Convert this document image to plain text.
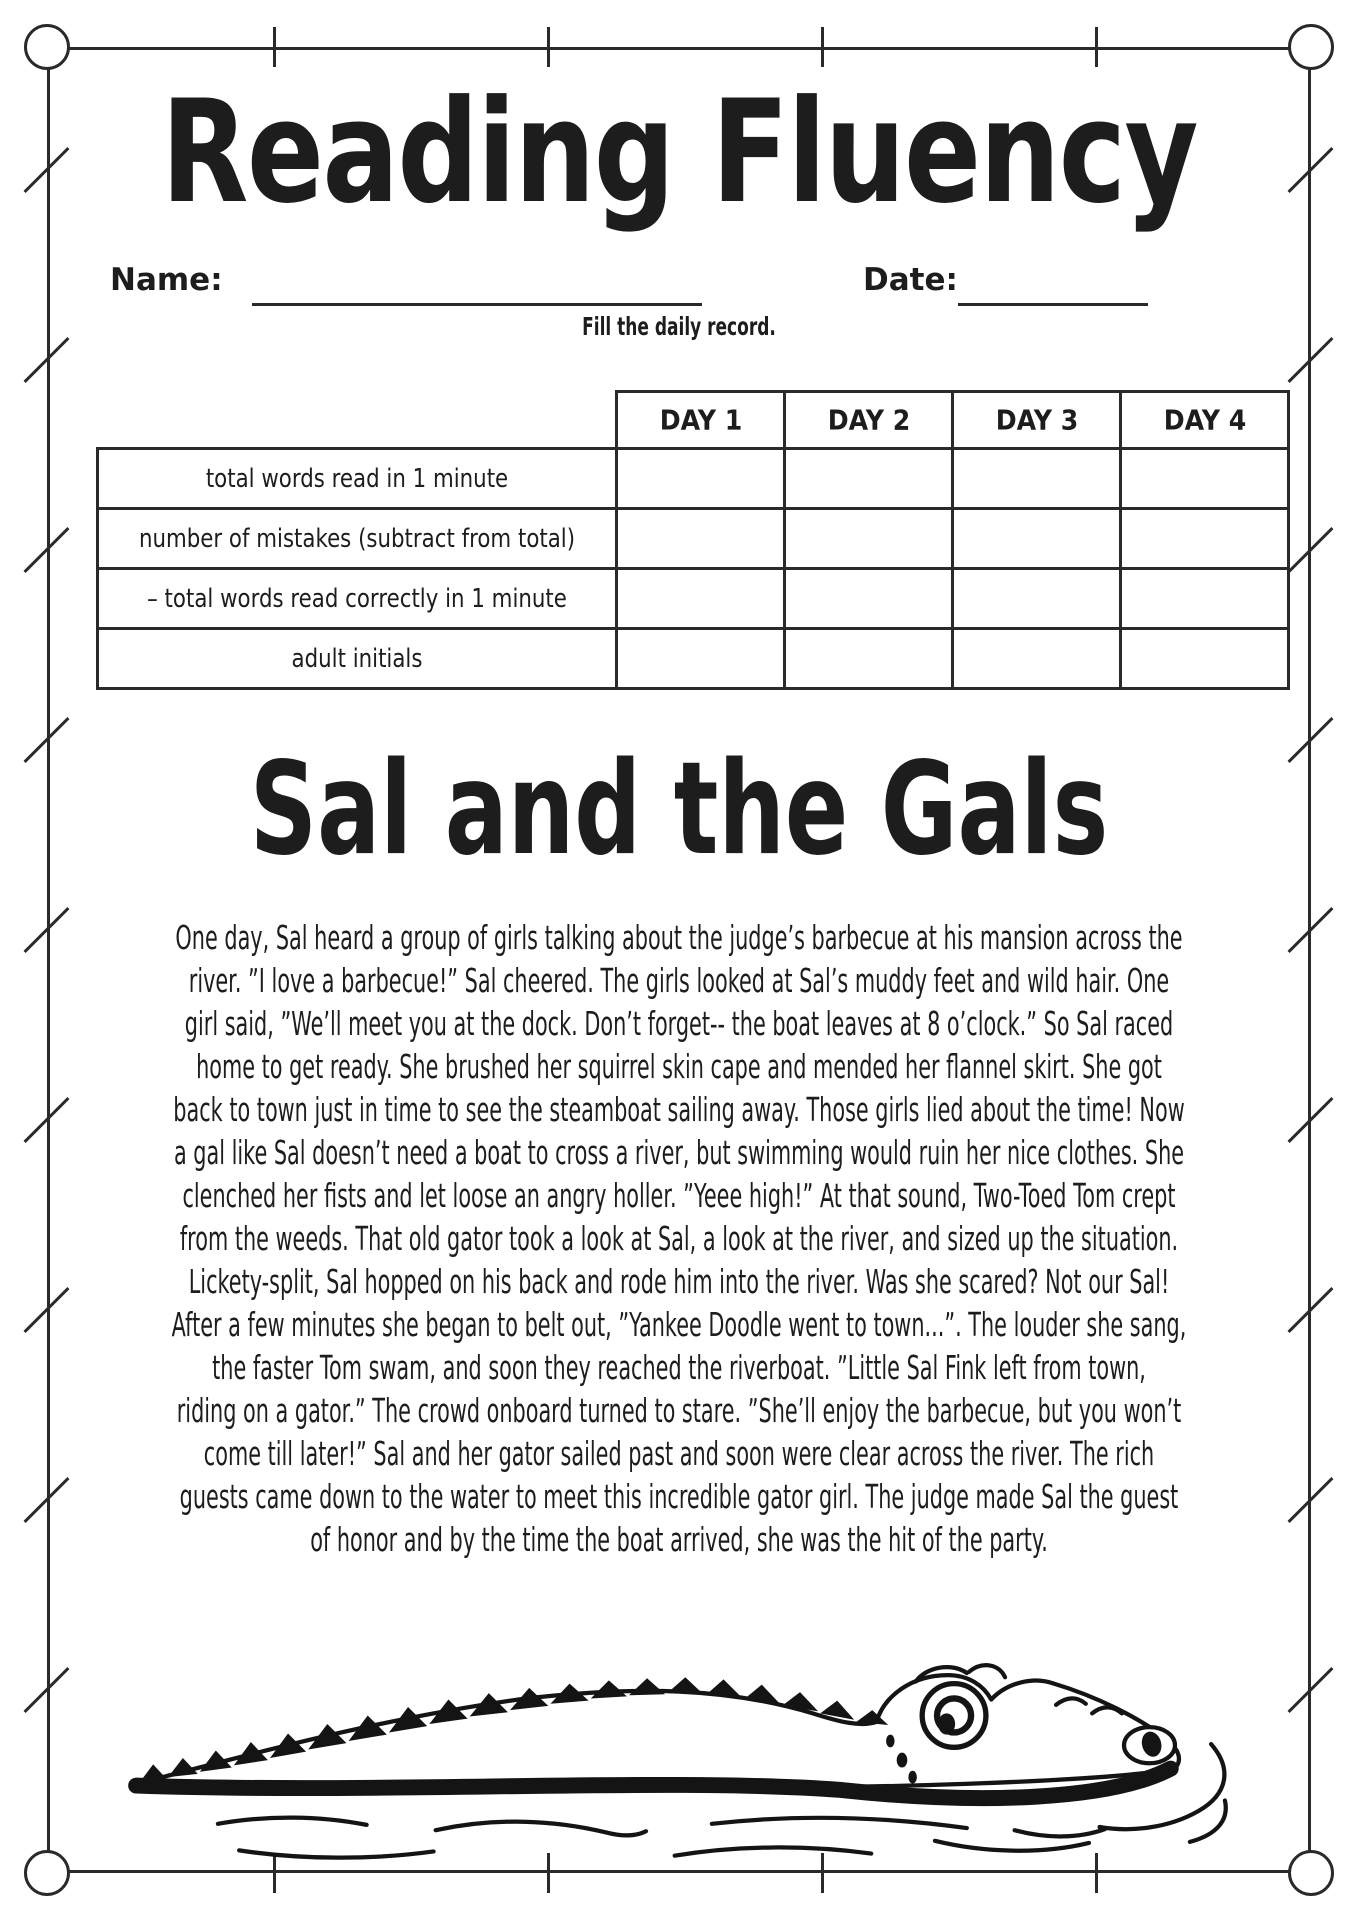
Reading Fluency
Name:	Date:
Fill the daily record.

	DAY 1	DAY 2	DAY 3	DAY 4

total words read in 1 minute				

number of mistakes (subtract from total)				

– total words read correctly in 1 minute				

adult initials				

Sal and the Gals
One day, Sal heard a group of girls talking about the judge’s barbecue at his mansion across the
river. ”I love a barbecue!” Sal cheered. The girls looked at Sal’s muddy feet and wild hair. One
girl said, ”We’ll meet you at the dock. Don’t forget-- the boat leaves at 8 o’clock.” So Sal raced
home to get ready. She brushed her squirrel skin cape and mended her flannel skirt. She got
back to town just in time to see the steamboat sailing away. Those girls lied about the time! Now
a gal like Sal doesn’t need a boat to cross a river, but swimming would ruin her nice clothes. She
clenched her fists and let loose an angry holler. ”Yeee high!” At that sound, Two-Toed Tom crept
from the weeds. That old gator took a look at Sal, a look at the river, and sized up the situation.
Lickety-split, Sal hopped on his back and rode him into the river. Was she scared? Not our Sal!
After a few minutes she began to belt out, ”Yankee Doodle went to town...”. The louder she sang,
the faster Tom swam, and soon they reached the riverboat. ”Little Sal Fink left from town,
riding on a gator.” The crowd onboard turned to stare. ”She’ll enjoy the barbecue, but you won’t
come till later!” Sal and her gator sailed past and soon were clear across the river. The rich
guests came down to the water to meet this incredible gator girl. The judge made Sal the guest
of honor and by the time the boat arrived, she was the hit of the party.
